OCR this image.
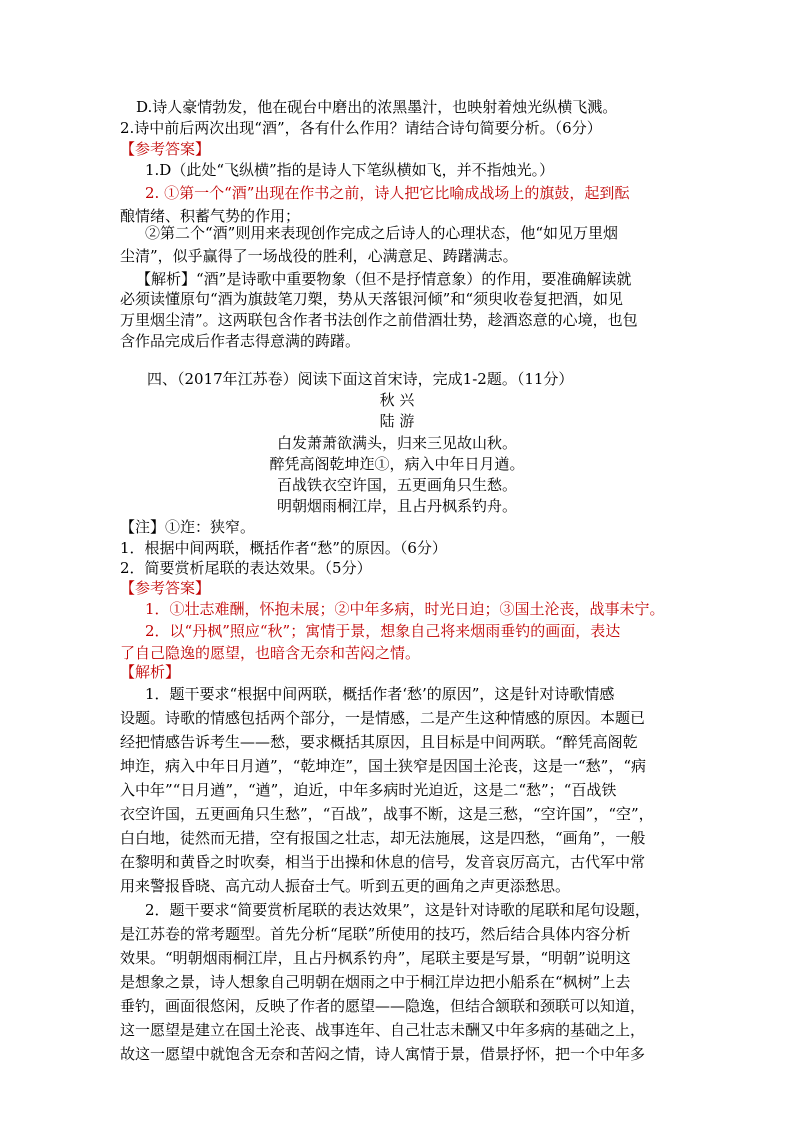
D.诗人豪情勃发，他在砚台中磨出的浓黑墨汁，也映射着烛光纵横飞溅。
2.诗中前后两次出现“酒”，各有什么作用？请结合诗句简要分析。（6分）
【参考答案】
1.D（此处“飞纵横”指的是诗人下笔纵横如飞，并不指烛光。）
2. ①第一个“酒”出现在作书之前，诗人把它比喻成战场上的旗鼓，起到酝
酿情绪、积蓄气势的作用；
②第二个“酒”则用来表现创作完成之后诗人的心理状态，他“如见万里烟
尘清”，似乎赢得了一场战役的胜利，心满意足、踌躇满志。
【解析】“酒”是诗歌中重要物象（但不是抒情意象）的作用，要准确解读就
必须读懂原句“酒为旗鼓笔刀槊，势从天落银河倾”和“须臾收卷复把酒，如见
万里烟尘清”。这两联包含作者书法创作之前借酒壮势，趁酒恣意的心境，也包
含作品完成后作者志得意满的踌躇。
四、（2017年江苏卷）阅读下面这首宋诗，完成1-2题。（11分）
秋 兴
陆 游
白发萧萧欲满头，归来三见故山秋。
醉凭高阁乾坤迮①，病入中年日月遒。
百战铁衣空许国，五更画角只生愁。
明朝烟雨桐江岸，且占丹枫系钓舟。
【注】①迮：狭窄。
1．根据中间两联，概括作者“愁”的原因。（6分）
2．简要赏析尾联的表达效果。（5分）
【参考答案】
1．①壮志难酬，怀抱未展；②中年多病，时光日迫；③国土沦丧，战事未宁。
2．以“丹枫”照应“秋”；寓情于景，想象自己将来烟雨垂钓的画面，表达
了自己隐逸的愿望，也暗含无奈和苦闷之情。
【解析】
1．题干要求“根据中间两联，概括作者‘愁’的原因”，这是针对诗歌情感
设题。诗歌的情感包括两个部分，一是情感，二是产生这种情感的原因。本题已
经把情感告诉考生——愁，要求概括其原因，且目标是中间两联。“醉凭高阁乾
坤迮，病入中年日月遒”，“乾坤迮”，国土狭窄是因国土沦丧，这是一“愁”，“病
入中年”“日月遒”，“遒”，迫近，中年多病时光迫近，这是二“愁”；“百战铁
衣空许国，五更画角只生愁”，“百战”，战事不断，这是三愁，“空许国”，“空”，
白白地，徒然而无措，空有报国之壮志，却无法施展，这是四愁，“画角”，一般
在黎明和黄昏之时吹奏，相当于出操和休息的信号，发音哀厉高亢，古代军中常
用来警报昏晓、高亢动人振奋士气。听到五更的画角之声更添愁思。
2．题干要求“简要赏析尾联的表达效果”，这是针对诗歌的尾联和尾句设题，
是江苏卷的常考题型。首先分析“尾联”所使用的技巧，然后结合具体内容分析
效果。“明朝烟雨桐江岸，且占丹枫系钓舟”，尾联主要是写景，“明朝”说明这
是想象之景，诗人想象自己明朝在烟雨之中于桐江岸边把小船系在“枫树”上去
垂钓，画面很悠闲，反映了作者的愿望——隐逸，但结合颔联和颈联可以知道，
这一愿望是建立在国土沦丧、战事连年、自己壮志未酬又中年多病的基础之上，
故这一愿望中就饱含无奈和苦闷之情，诗人寓情于景，借景抒怀，把一个中年多
